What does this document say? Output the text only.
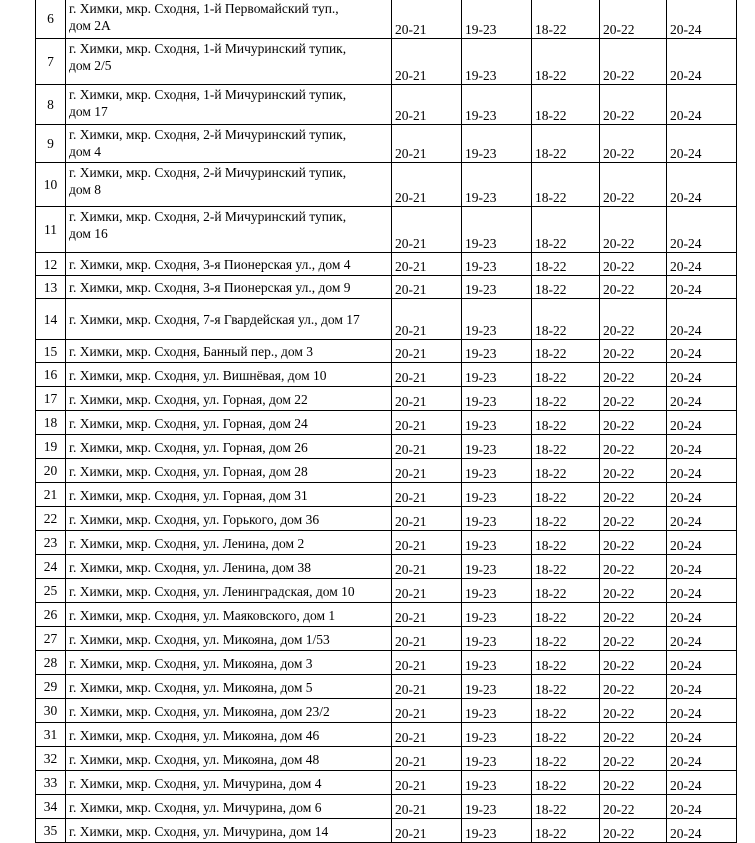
6	г. Химки, мкр. Сходня, 1-й Первомайский туп.,
дом 2А	20-21	19-23	18-22	20-22	20-24
7	г. Химки, мкр. Сходня, 1-й Мичуринский тупик,
дом 2/5	20-21	19-23	18-22	20-22	20-24
8	г. Химки, мкр. Сходня, 1-й Мичуринский тупик,
дом 17	20-21	19-23	18-22	20-22	20-24
9	г. Химки, мкр. Сходня, 2-й Мичуринский тупик,
дом 4	20-21	19-23	18-22	20-22	20-24
10	г. Химки, мкр. Сходня, 2-й Мичуринский тупик,
дом 8	20-21	19-23	18-22	20-22	20-24
11	г. Химки, мкр. Сходня, 2-й Мичуринский тупик,
дом 16	20-21	19-23	18-22	20-22	20-24
12	г. Химки, мкр. Сходня, 3-я Пионерская ул., дом 4	20-21	19-23	18-22	20-22	20-24
13	г. Химки, мкр. Сходня, 3-я Пионерская ул., дом 9	20-21	19-23	18-22	20-22	20-24
14	г. Химки, мкр. Сходня, 7-я Гвардейская ул., дом 17	20-21	19-23	18-22	20-22	20-24
15	г. Химки, мкр. Сходня, Банный пер., дом 3	20-21	19-23	18-22	20-22	20-24
16	г. Химки, мкр. Сходня, ул. Вишнёвая, дом 10	20-21	19-23	18-22	20-22	20-24
17	г. Химки, мкр. Сходня, ул. Горная, дом 22	20-21	19-23	18-22	20-22	20-24
18	г. Химки, мкр. Сходня, ул. Горная, дом 24	20-21	19-23	18-22	20-22	20-24
19	г. Химки, мкр. Сходня, ул. Горная, дом 26	20-21	19-23	18-22	20-22	20-24
20	г. Химки, мкр. Сходня, ул. Горная, дом 28	20-21	19-23	18-22	20-22	20-24
21	г. Химки, мкр. Сходня, ул. Горная, дом 31	20-21	19-23	18-22	20-22	20-24
22	г. Химки, мкр. Сходня, ул. Горького, дом 36	20-21	19-23	18-22	20-22	20-24
23	г. Химки, мкр. Сходня, ул. Ленина, дом 2	20-21	19-23	18-22	20-22	20-24
24	г. Химки, мкр. Сходня, ул. Ленина, дом 38	20-21	19-23	18-22	20-22	20-24
25	г. Химки, мкр. Сходня, ул. Ленинградская, дом 10	20-21	19-23	18-22	20-22	20-24
26	г. Химки, мкр. Сходня, ул. Маяковского, дом 1	20-21	19-23	18-22	20-22	20-24
27	г. Химки, мкр. Сходня, ул. Микояна, дом 1/53	20-21	19-23	18-22	20-22	20-24
28	г. Химки, мкр. Сходня, ул. Микояна, дом 3	20-21	19-23	18-22	20-22	20-24
29	г. Химки, мкр. Сходня, ул. Микояна, дом 5	20-21	19-23	18-22	20-22	20-24
30	г. Химки, мкр. Сходня, ул. Микояна, дом 23/2	20-21	19-23	18-22	20-22	20-24
31	г. Химки, мкр. Сходня, ул. Микояна, дом 46	20-21	19-23	18-22	20-22	20-24
32	г. Химки, мкр. Сходня, ул. Микояна, дом 48	20-21	19-23	18-22	20-22	20-24
33	г. Химки, мкр. Сходня, ул. Мичурина, дом 4	20-21	19-23	18-22	20-22	20-24
34	г. Химки, мкр. Сходня, ул. Мичурина, дом 6	20-21	19-23	18-22	20-22	20-24
35	г. Химки, мкр. Сходня, ул. Мичурина, дом 14	20-21	19-23	18-22	20-22	20-24
